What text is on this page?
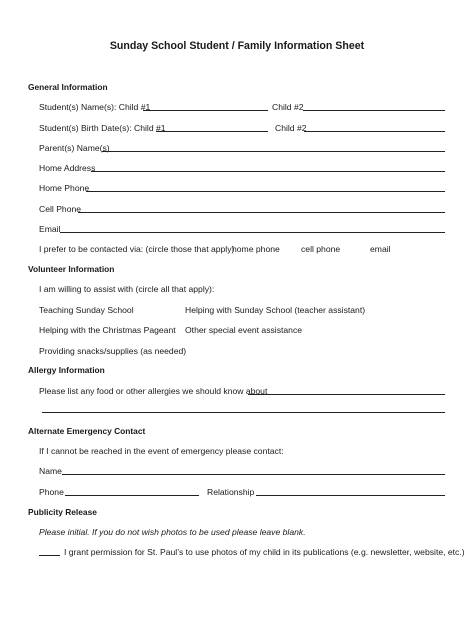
Sunday School Student / Family Information Sheet
General Information
Student(s) Name(s): Child #1	Child #2
Student(s) Birth Date(s): Child #1	Child #2
Parent(s) Name(s)
Home Address
Home Phone
Cell Phone
Email
I prefer to be contacted via: (circle those that apply)
home phone cell phone	email
Volunteer Information
I am willing to assist with (circle all that apply):
Teaching Sunday School	Helping with Sunday School (teacher assistant)
Helping with the Christmas Pageant Other special event assistance
Providing snacks/supplies (as needed)
Allergy Information
Please list any food or other allergies we should know about
Alternate Emergency Contact
If I cannot be reached in the event of emergency please contact:
Name
Phone	Relationship
Publicity Release
Please initial. If you do not wish photos to be used please leave blank.
I grant permission for St. Paul’s to use photos of my child in its publications (e.g. newsletter, website, etc.)
